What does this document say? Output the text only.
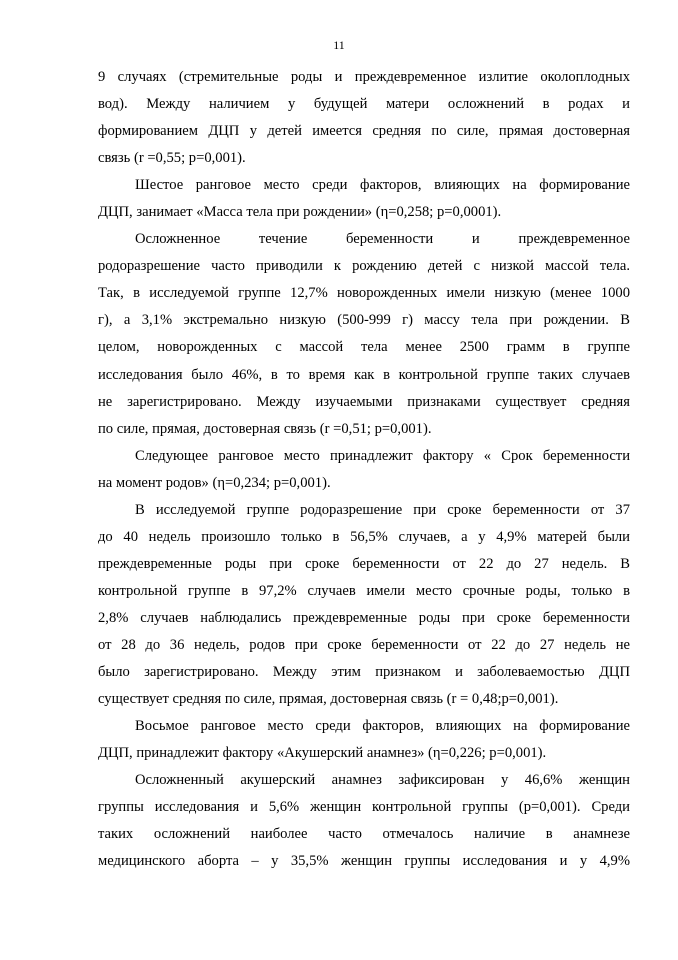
11
9 случаях (стремительные роды и преждевременное излитие околоплодных
вод). Между наличием у будущей матери осложнений в родах и
формированием ДЦП у детей имеется средняя по силе, прямая достоверная
связь (r =0,55; p=0,001).
Шестое ранговое место среди факторов, влияющих на формирование
ДЦП, занимает «Масса тела при рождении» (η=0,258; p=0,0001).
Осложненное течение беременности и преждевременное
родоразрешение часто приводили к рождению детей с низкой массой тела.
Так, в исследуемой группе 12,7% новорожденных имели низкую (менее 1000
г), а 3,1% экстремально низкую (500-999 г) массу тела при рождении. В
целом, новорожденных с массой тела менее 2500 грамм в группе
исследования было 46%, в то время как в контрольной группе таких случаев
не зарегистрировано. Между изучаемыми признаками существует средняя
по силе, прямая, достоверная связь (r =0,51; p=0,001).
Следующее ранговое место принадлежит фактору « Срок беременности
на момент родов» (η=0,234; p=0,001).
В исследуемой группе родоразрешение при сроке беременности от 37
до 40 недель произошло только в 56,5% случаев, а у 4,9% матерей были
преждевременные роды при сроке беременности от 22 до 27 недель. В
контрольной группе в 97,2% случаев имели место срочные роды, только в
2,8% случаев наблюдались преждевременные роды при сроке беременности
от 28 до 36 недель, родов при сроке беременности от 22 до 27 недель не
было зарегистрировано. Между этим признаком и заболеваемостью ДЦП
существует средняя по силе, прямая, достоверная связь (r = 0,48;p=0,001).
Восьмое ранговое место среди факторов, влияющих на формирование
ДЦП, принадлежит фактору «Акушерский анамнез» (η=0,226; p=0,001).
Осложненный акушерский анамнез зафиксирован у 46,6% женщин
группы исследования и 5,6% женщин контрольной группы (p=0,001). Среди
таких осложнений наиболее часто отмечалось наличие в анамнезе
медицинского аборта – у 35,5% женщин группы исследования и у 4,9%
